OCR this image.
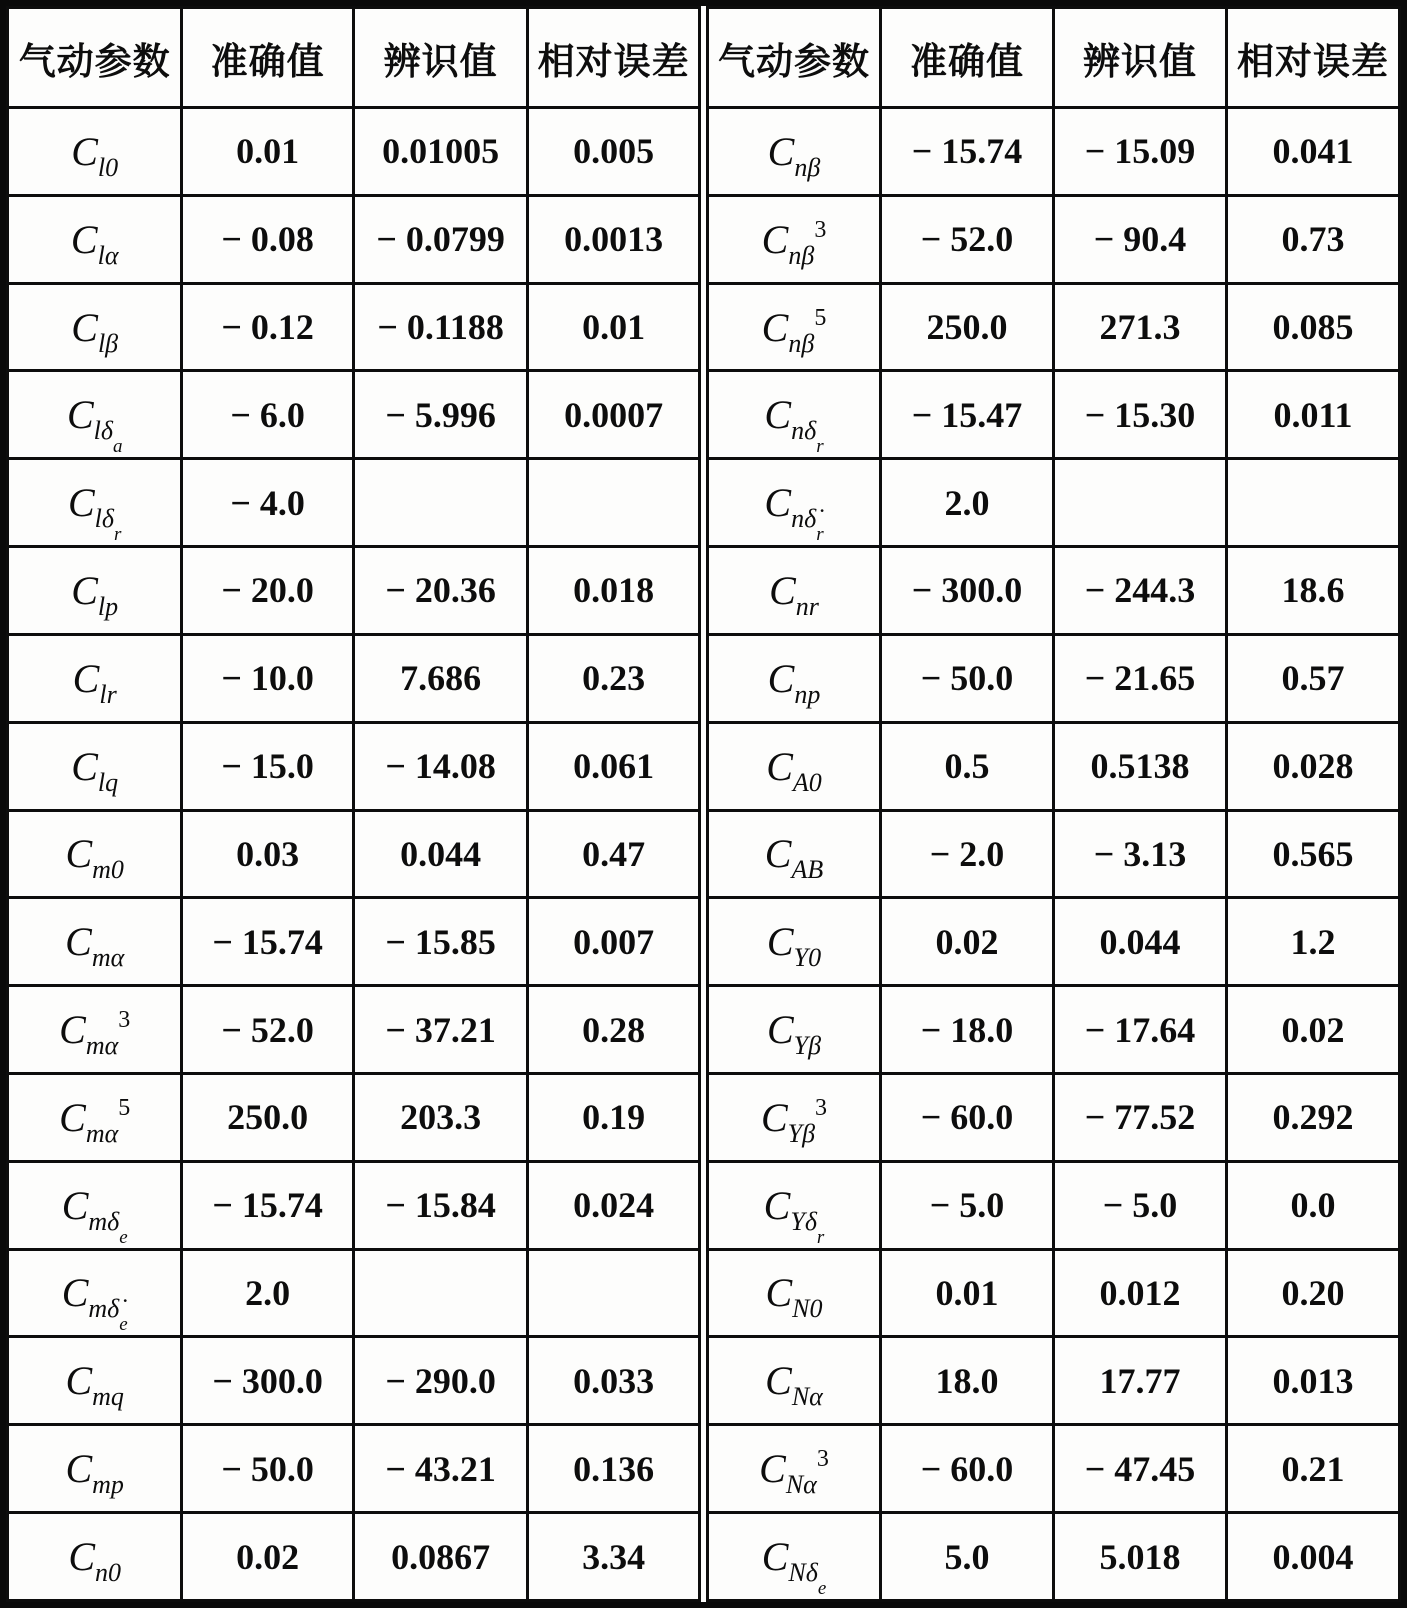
气动参数	准确值	辨识值	相对误差
$C_{l0}$	0.01	0.01005	0.005
$C_{l\alpha}$	− 0.08	− 0.0799	0.0013
$C_{l\beta}$	− 0.12	− 0.1188	0.01
$C_{l\delta_a}$	− 6.0	− 5.996	0.0007
$C_{l\delta_r}$	− 4.0		
$C_{lp}$	− 20.0	− 20.36	0.018
$C_{lr}$	− 10.0	7.686	0.23
$C_{lq}$	− 15.0	− 14.08	0.061
$C_{m0}$	0.03	0.044	0.47
$C_{m\alpha}$	− 15.74	− 15.85	0.007
$C_{m\alpha}^3$	− 52.0	− 37.21	0.28
$C_{m\alpha}^5$	250.0	203.3	0.19
$C_{m\delta_e}$	− 15.74	− 15.84	0.024
$C_{m\deltȧ_e}$	2.0		
$C_{mq}$	− 300.0	− 290.0	0.033
$C_{mp}$	− 50.0	− 43.21	0.136
$C_{n0}$	0.02	0.0867	3.34
气动参数	准确值	辨识值	相对误差
$C_{n\beta}$	− 15.74	− 15.09	0.041
$C_{n\beta}^3$	− 52.0	− 90.4	0.73
$C_{n\beta}^5$	250.0	271.3	0.085
$C_{n\delta_r}$	− 15.47	− 15.30	0.011
$C_{n\deltȧ_r}$	2.0		
$C_{nr}$	− 300.0	− 244.3	18.6
$C_{np}$	− 50.0	− 21.65	0.57
$C_{A0}$	0.5	0.5138	0.028
$C_{AB}$	− 2.0	− 3.13	0.565
$C_{Y0}$	0.02	0.044	1.2
$C_{Y\beta}$	− 18.0	− 17.64	0.02
$C_{Y\beta}^3$	− 60.0	− 77.52	0.292
$C_{Y\delta_r}$	− 5.0	− 5.0	0.0
$C_{N0}$	0.01	0.012	0.20
$C_{N\alpha}$	18.0	17.77	0.013
$C_{N\alpha}^3$	− 60.0	− 47.45	0.21
$C_{N\delta_e}$	5.0	5.018	0.004
